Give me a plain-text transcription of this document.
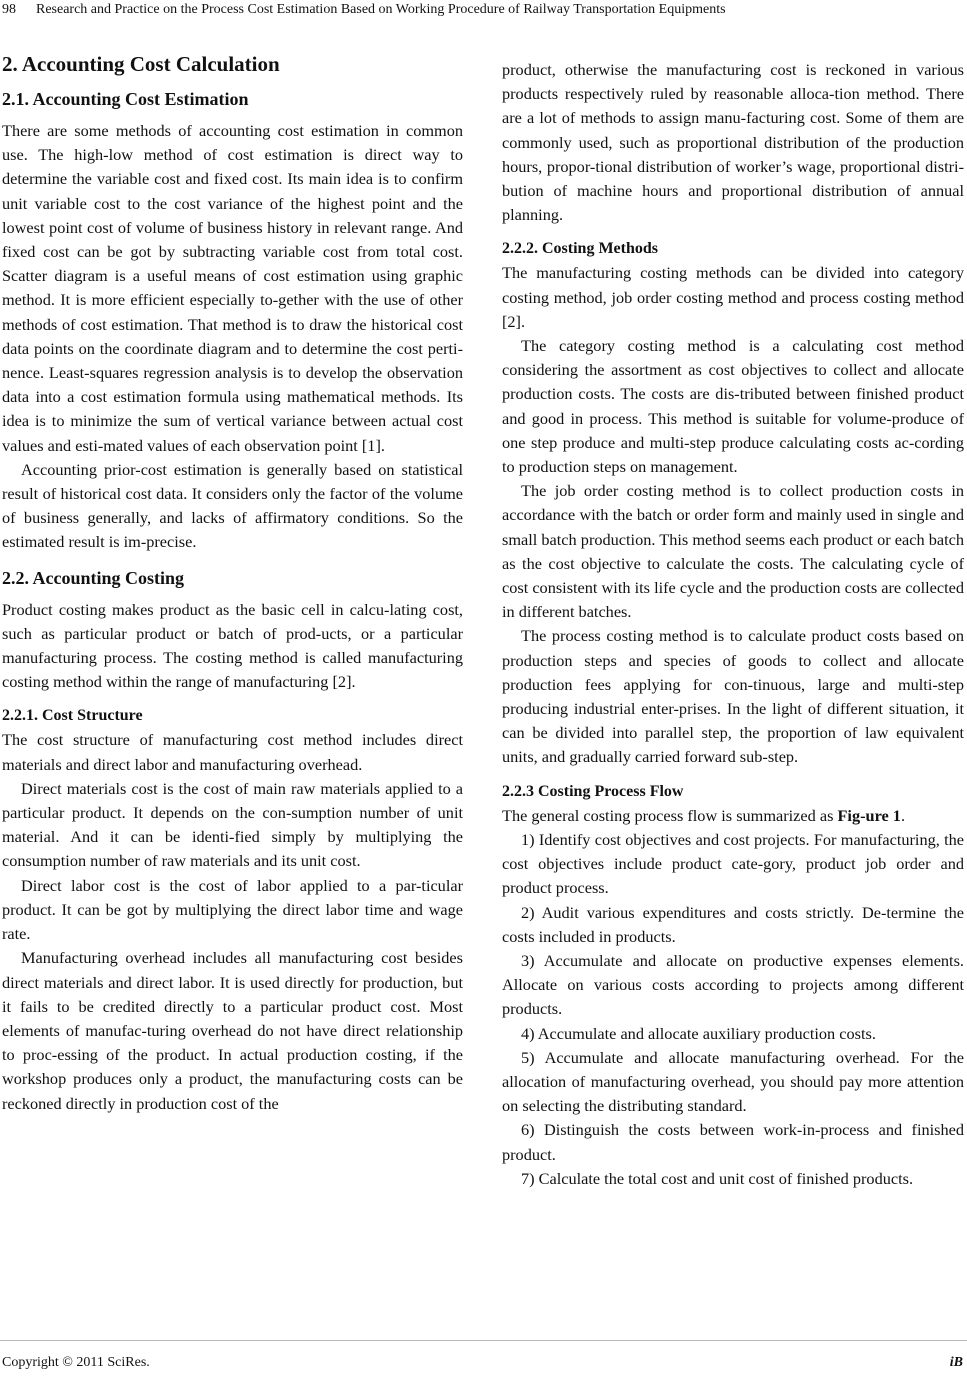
98 Research and Practice on the Process Cost Estimation Based on Working Procedure of Railway Transportation Equipments
2. Accounting Cost Calculation
2.1. Accounting Cost Estimation

There are some methods of accounting cost estimation in common use. The high-low method of cost estimation is direct way to determine the variable cost and fixed cost. Its main idea is to confirm unit variable cost to the cost variance of the highest point and the lowest point cost of volume of business history in relevant range. And fixed cost can be got by subtracting variable cost from total cost. Scatter diagram is a useful means of cost estimation using graphic method. It is more efficient especially to-gether with the use of other methods of cost estimation. That method is to draw the historical cost data points on the coordinate diagram and to determine the cost perti-nence. Least-squares regression analysis is to develop the observation data into a cost estimation formula using mathematical methods. Its idea is to minimize the sum of vertical variance between actual cost values and esti-mated values of each observation point [1].

Accounting prior-cost estimation is generally based on statistical result of historical cost data. It considers only the factor of the volume of business generally, and lacks of affirmatory conditions. So the estimated result is im-precise.

2.2. Accounting Costing

Product costing makes product as the basic cell in calcu-lating cost, such as particular product or batch of prod-ucts, or a particular manufacturing process. The costing method is called manufacturing costing method within the range of manufacturing [2].

2.2.1. Cost Structure

The cost structure of manufacturing cost method includes direct materials and direct labor and manufacturing overhead.

Direct materials cost is the cost of main raw materials applied to a particular product. It depends on the con-sumption number of unit material. And it can be identi-fied simply by multiplying the consumption number of raw materials and its unit cost.

Direct labor cost is the cost of labor applied to a par-ticular product. It can be got by multiplying the direct labor time and wage rate.

Manufacturing overhead includes all manufacturing cost besides direct materials and direct labor. It is used directly for production, but it fails to be credited directly to a particular product cost. Most elements of manufac-turing overhead do not have direct relationship to proc-essing of the product. In actual production costing, if the workshop produces only a product, the manufacturing costs can be reckoned directly in production cost of the

product, otherwise the manufacturing cost is reckoned in various products respectively ruled by reasonable alloca-tion method. There are a lot of methods to assign manu-facturing cost. Some of them are commonly used, such as proportional distribution of the production hours, propor-tional distribution of worker’s wage, proportional distri-bution of machine hours and proportional distribution of annual planning.

2.2.2. Costing Methods

The manufacturing costing methods can be divided into category costing method, job order costing method and process costing method [2].

The category costing method is a calculating cost method considering the assortment as cost objectives to collect and allocate production costs. The costs are dis-tributed between finished product and good in process. This method is suitable for volume-produce of one step produce and multi-step produce calculating costs ac-cording to production steps on management.

The job order costing method is to collect production costs in accordance with the batch or order form and mainly used in single and small batch production. This method seems each product or each batch as the cost objective to calculate the costs. The calculating cycle of cost consistent with its life cycle and the production costs are collected in different batches.

The process costing method is to calculate product costs based on production steps and species of goods to collect and allocate production fees applying for con-tinuous, large and multi-step producing industrial enter-prises. In the light of different situation, it can be divided into parallel step, the proportion of law equivalent units, and gradually carried forward sub-step.

2.2.3 Costing Process Flow

The general costing process flow is summarized as Fig-ure 1.

1) Identify cost objectives and cost projects. For manufacturing, the cost objectives include product cate-gory, product job order and product process.

2) Audit various expenditures and costs strictly. De-termine the costs included in products.

3) Accumulate and allocate on productive expenses elements. Allocate on various costs according to projects among different products.

4) Accumulate and allocate auxiliary production costs.

5) Accumulate and allocate manufacturing overhead. For the allocation of manufacturing overhead, you should pay more attention on selecting the distributing standard.

6) Distinguish the costs between work-in-process and finished product.

7) Calculate the total cost and unit cost of finished products.

Copyright © 2011 SciRes.	iB
